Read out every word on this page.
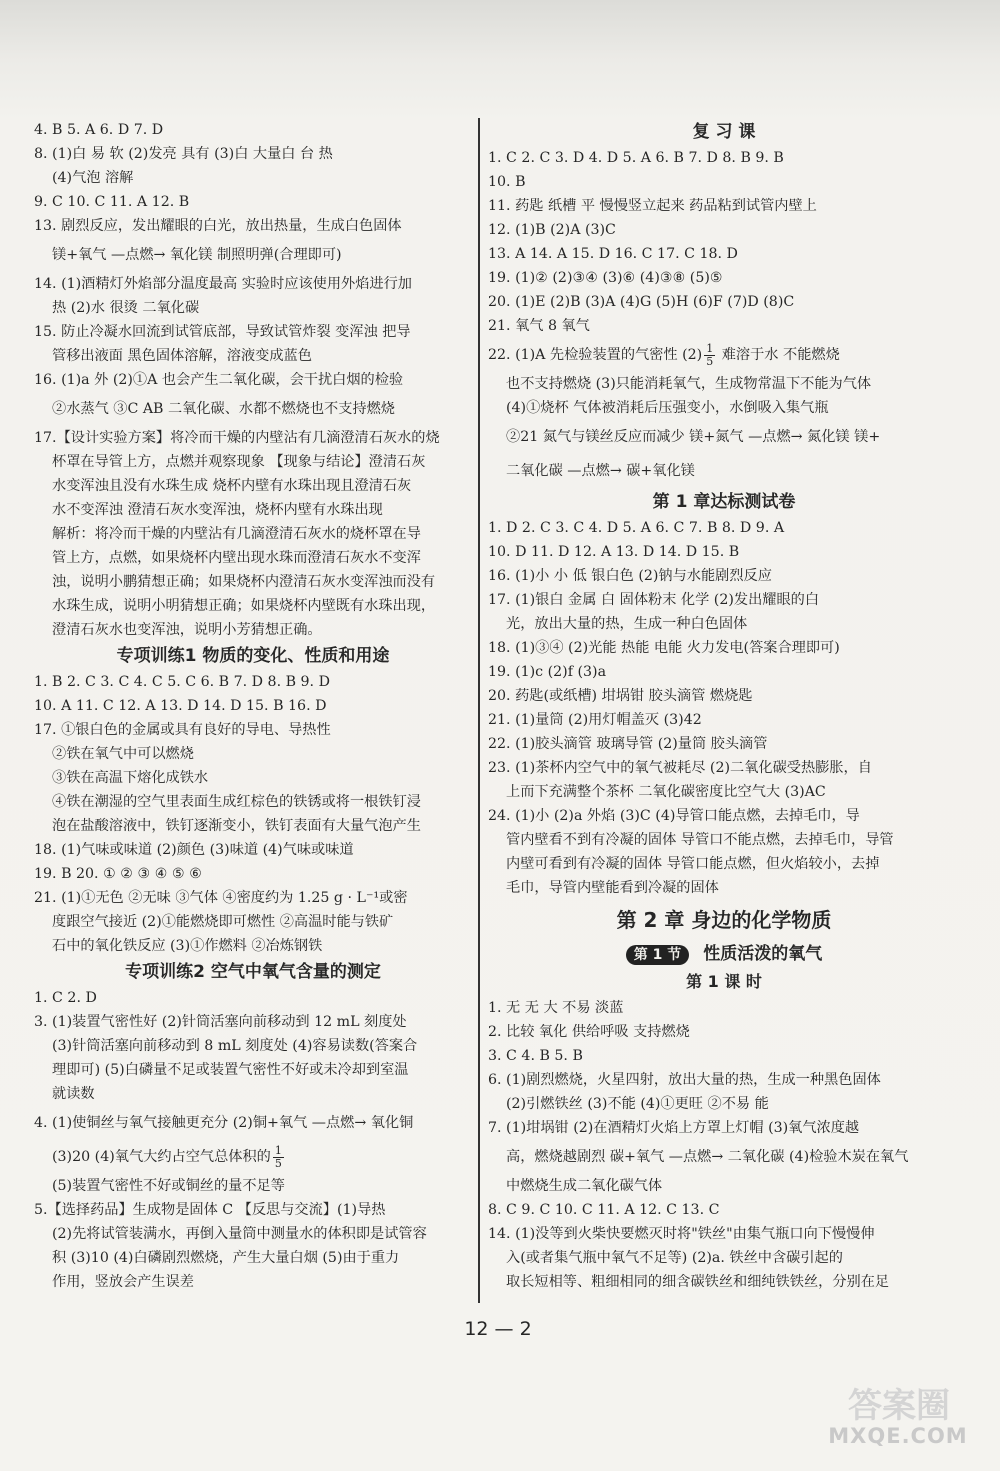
4. B 5. A 6. D 7. D
8. (1)白 易 软 (2)发亮 具有 (3)白 大量白 台 热
(4)气泡 溶解
9. C 10. C 11. A 12. B
13. 剧烈反应，发出耀眼的白光，放出热量，生成白色固体
镁+氧气 —点燃→ 氧化镁 制照明弹(合理即可)
14. (1)酒精灯外焰部分温度最高 实验时应该使用外焰进行加
热 (2)水 很烫 二氧化碳
15. 防止冷凝水回流到试管底部，导致试管炸裂 变浑浊 把导
管移出液面 黑色固体溶解，溶液变成蓝色
16. (1)a 外 (2)①A 也会产生二氧化碳，会干扰白烟的检验
②水蒸气 ③C AB 二氧化碳、水都不燃烧也不支持燃烧
17.【设计实验方案】将冷而干燥的内壁沾有几滴澄清石灰水的烧
杯罩在导管上方，点燃并观察现象 【现象与结论】澄清石灰
水变浑浊且没有水珠生成 烧杯内壁有水珠出现且澄清石灰
水不变浑浊 澄清石灰水变浑浊，烧杯内壁有水珠出现
解析：将冷而干燥的内壁沾有几滴澄清石灰水的烧杯罩在导
管上方，点燃，如果烧杯内壁出现水珠而澄清石灰水不变浑
浊，说明小鹏猜想正确；如果烧杯内澄清石灰水变浑浊而没有
水珠生成，说明小明猜想正确；如果烧杯内壁既有水珠出现，
澄清石灰水也变浑浊，说明小芳猜想正确。
专项训练1 物质的变化、性质和用途
1. B 2. C 3. C 4. C 5. C 6. B 7. D 8. B 9. D
10. A 11. C 12. A 13. D 14. D 15. B 16. D
17. ①银白色的金属或具有良好的导电、导热性
②铁在氧气中可以燃烧
③铁在高温下熔化成铁水
④铁在潮湿的空气里表面生成红棕色的铁锈或将一根铁钉浸
泡在盐酸溶液中，铁钉逐渐变小，铁钉表面有大量气泡产生
18. (1)气味或味道 (2)颜色 (3)味道 (4)气味或味道
19. B 20. ① ② ③ ④ ⑤ ⑥
21. (1)①无色 ②无味 ③气体 ④密度约为 1.25 g · L⁻¹或密
度跟空气接近 (2)①能燃烧即可燃性 ②高温时能与铁矿
石中的氧化铁反应 (3)①作燃料 ②冶炼钢铁
专项训练2 空气中氧气含量的测定
1. C 2. D
3. (1)装置气密性好 (2)针筒活塞向前移动到 12 mL 刻度处
(3)针筒活塞向前移动到 8 mL 刻度处 (4)容易读数(答案合
理即可) (5)白磷量不足或装置气密性不好或未冷却到室温
就读数
4. (1)使铜丝与氧气接触更充分 (2)铜+氧气 —点燃→ 氧化铜
(3)20 (4)氧气大约占空气总体积的 $\frac{1}{5}$
(5)装置气密性不好或铜丝的量不足等
5.【选择药品】生成物是固体 C 【反思与交流】(1)导热
(2)先将试管装满水，再倒入量筒中测量水的体积即是试管容
积 (3)10 (4)白磷剧烈燃烧，产生大量白烟 (5)由于重力
作用，竖放会产生误差
复 习 课
1. C 2. C 3. D 4. D 5. A 6. B 7. D 8. B 9. B
10. B
11. 药匙 纸槽 平 慢慢竖立起来 药品粘到试管内壁上
12. (1)B (2)A (3)C
13. A 14. A 15. D 16. C 17. C 18. D
19. (1)② (2)③④ (3)⑥ (4)③⑧ (5)⑤
20. (1)E (2)B (3)A (4)G (5)H (6)F (7)D (8)C
21. 氧气 8 氧气
22. (1)A 先检验装置的气密性 $(2) \frac{1}{5}$ 难溶于水 不能燃烧
也不支持燃烧 (3)只能消耗氧气，生成物常温下不能为气体
(4)①烧杯 气体被消耗后压强变小，水倒吸入集气瓶
②21 氮气与镁丝反应而减少 镁+氮气 —点燃→ 氮化镁 镁+
二氧化碳 —点燃→ 碳+氧化镁
第 1 章达标测试卷
1. D 2. C 3. C 4. D 5. A 6. C 7. B 8. D 9. A
10. D 11. D 12. A 13. D 14. D 15. B
16. (1)小 小 低 银白色 (2)钠与水能剧烈反应
17. (1)银白 金属 白 固体粉末 化学 (2)发出耀眼的白
光，放出大量的热，生成一种白色固体
18. (1)③④ (2)光能 热能 电能 火力发电(答案合理即可)
19. (1)c (2)f (3)a
20. 药匙(或纸槽) 坩埚钳 胶头滴管 燃烧匙
21. (1)量筒 (2)用灯帽盖灭 (3)42
22. (1)胶头滴管 玻璃导管 (2)量筒 胶头滴管
23. (1)茶杯内空气中的氧气被耗尽 (2)二氧化碳受热膨胀，自
上而下充满整个茶杯 二氧化碳密度比空气大 (3)AC
24. (1)小 (2)a 外焰 (3)C (4)导管口能点燃，去掉毛巾，导
管内壁看不到有冷凝的固体 导管口不能点燃，去掉毛巾，导管
内壁可看到有冷凝的固体 导管口能点燃，但火焰较小，去掉
毛巾，导管内壁能看到冷凝的固体
第 2 章 身边的化学物质
第 1 节 性质活泼的氧气
第 1 课 时
1. 无 无 大 不易 淡蓝
2. 比较 氧化 供给呼吸 支持燃烧
3. C 4. B 5. B
6. (1)剧烈燃烧，火星四射，放出大量的热，生成一种黑色固体
(2)引燃铁丝 (3)不能 (4)①更旺 ②不易 能
7. (1)坩埚钳 (2)在酒精灯火焰上方罩上灯帽 (3)氧气浓度越
高，燃烧越剧烈 碳+氧气 —点燃→ 二氧化碳 (4)检验木炭在氧气
中燃烧生成二氧化碳气体
8. C 9. C 10. C 11. A 12. C 13. C
14. (1)没等到火柴快要燃灭时将"铁丝"由集气瓶口向下慢慢伸
入(或者集气瓶中氧气不足等) (2)a. 铁丝中含碳引起的
取长短相等、粗细相同的细含碳铁丝和细纯铁铁丝，分别在足
12 — 2
答案圈
MXQE.COM
